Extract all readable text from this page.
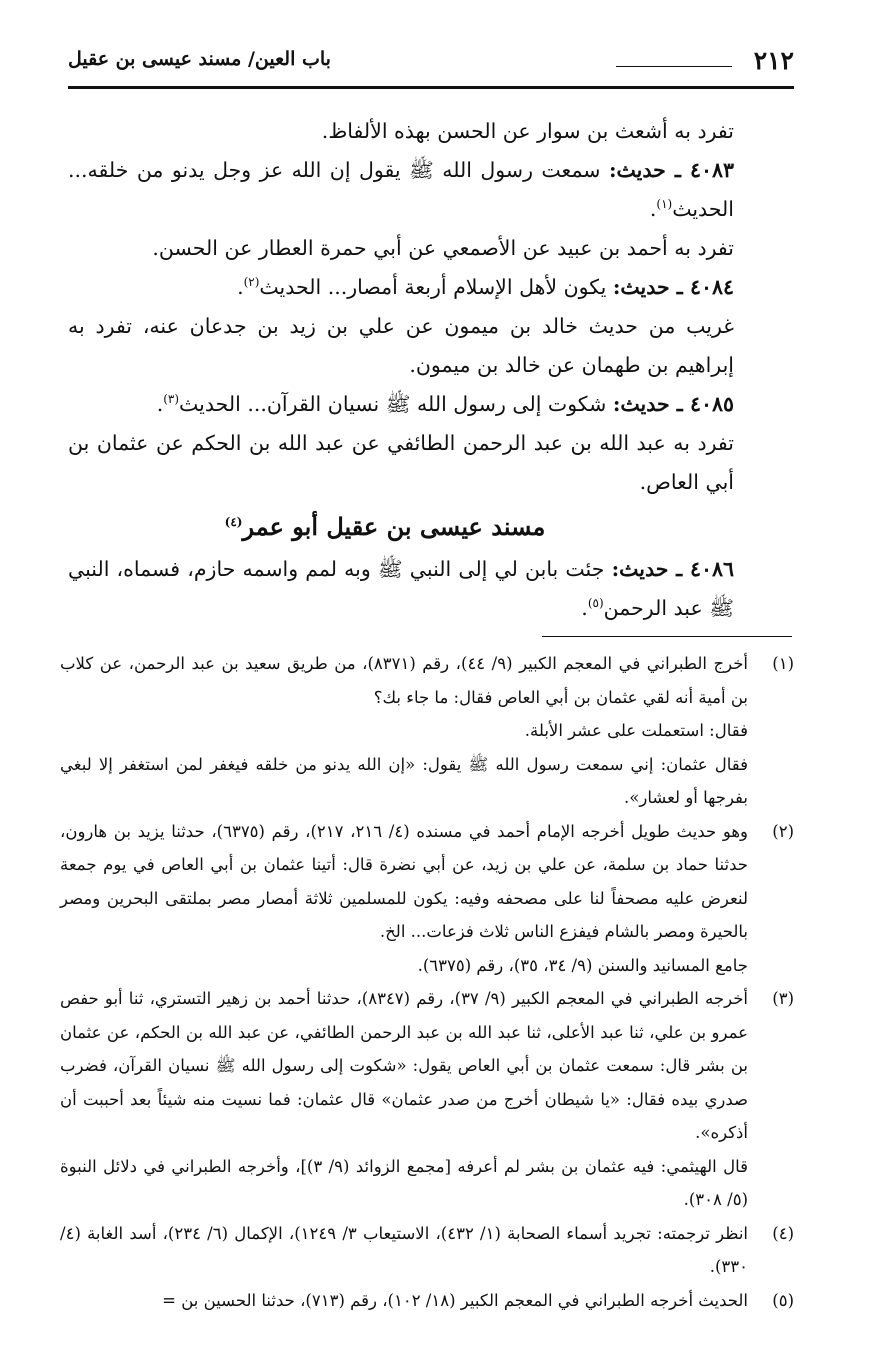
٢١٢
باب العين/ مسند عيسى بن عقيل

تفرد به أشعث بن سوار عن الحسن بهذه الألفاظ.

٤٠٨٣ ـ حديث: سمعت رسول الله ﷺ يقول إن الله عز وجل يدنو من خلقه... الحديث$^{(١)}$.

تفرد به أحمد بن عبيد عن الأصمعي عن أبي حمرة العطار عن الحسن.

٤٠٨٤ ـ حديث: يكون لأهل الإسلام أربعة أمصار... الحديث$^{(٢)}$.

غريب من حديث خالد بن ميمون عن علي بن زيد بن جدعان عنه، تفرد به إبراهيم بن طهمان عن خالد بن ميمون.

٤٠٨٥ ـ حديث: شكوت إلى رسول الله ﷺ نسيان القرآن... الحديث$^{(٣)}$.

تفرد به عبد الله بن عبد الرحمن الطائفي عن عبد الله بن الحكم عن عثمان بن أبي العاص.

مسند عيسى بن عقيل أبو عمر$^{(٤)}$

٤٠٨٦ ـ حديث: جئت بابن لي إلى النبي ﷺ وبه لمم واسمه حازم، فسماه، النبي ﷺ عبد الرحمن$^{(٥)}$.

(١)

أخرج الطبراني في المعجم الكبير (٩/ ٤٤)، رقم (٨٣٧١)، من طريق سعيد بن عبد الرحمن، عن كلاب بن أمية أنه لقي عثمان بن أبي العاص فقال: ما جاء بك؟

فقال: استعملت على عشر الأبلة.

فقال عثمان: إني سمعت رسول الله ﷺ يقول: «إن الله يدنو من خلقه فيغفر لمن استغفر إلا لبغي بفرجها أو لعشار».

(٢)

وهو حديث طويل أخرجه الإمام أحمد في مسنده (٤/ ٢١٦، ٢١٧)، رقم (٦٣٧٥)، حدثنا يزيد بن هارون، حدثنا حماد بن سلمة، عن علي بن زيد، عن أبي نضرة قال: أتينا عثمان بن أبي العاص في يوم جمعة لنعرض عليه مصحفاً لنا على مصحفه وفيه: يكون للمسلمين ثلاثة أمصار مصر بملتقى البحرين ومصر بالحيرة ومصر بالشام فيفزع الناس ثلاث فزعات... الخ.

جامع المسانيد والسنن (٩/ ٣٤، ٣٥)، رقم (٦٣٧٥).

(٣)

أخرجه الطبراني في المعجم الكبير (٩/ ٣٧)، رقم (٨٣٤٧)، حدثنا أحمد بن زهير التستري، ثنا أبو حفص عمرو بن علي، ثنا عبد الأعلى، ثنا عبد الله بن عبد الرحمن الطائفي، عن عبد الله بن الحكم، عن عثمان بن بشر قال: سمعت عثمان بن أبي العاص يقول: «شكوت إلى رسول الله ﷺ نسيان القرآن، فضرب صدري بيده فقال: «يا شيطان أخرج من صدر عثمان» قال عثمان: فما نسيت منه شيئاً بعد أحببت أن أذكره».

قال الهيثمي: فيه عثمان بن بشر لم أعرفه [مجمع الزوائد (٩/ ٣)]، وأخرجه الطبراني في دلائل النبوة (٥/ ٣٠٨).

(٤)

انظر ترجمته: تجريد أسماء الصحابة (١/ ٤٣٢)، الاستيعاب ٣/ ١٢٤٩)، الإكمال (٦/ ٢٣٤)، أسد الغابة (٤/ ٣٣٠).

(٥)

الحديث أخرجه الطبراني في المعجم الكبير (١٨/ ١٠٢)، رقم (٧١٣)، حدثنا الحسين بن =
